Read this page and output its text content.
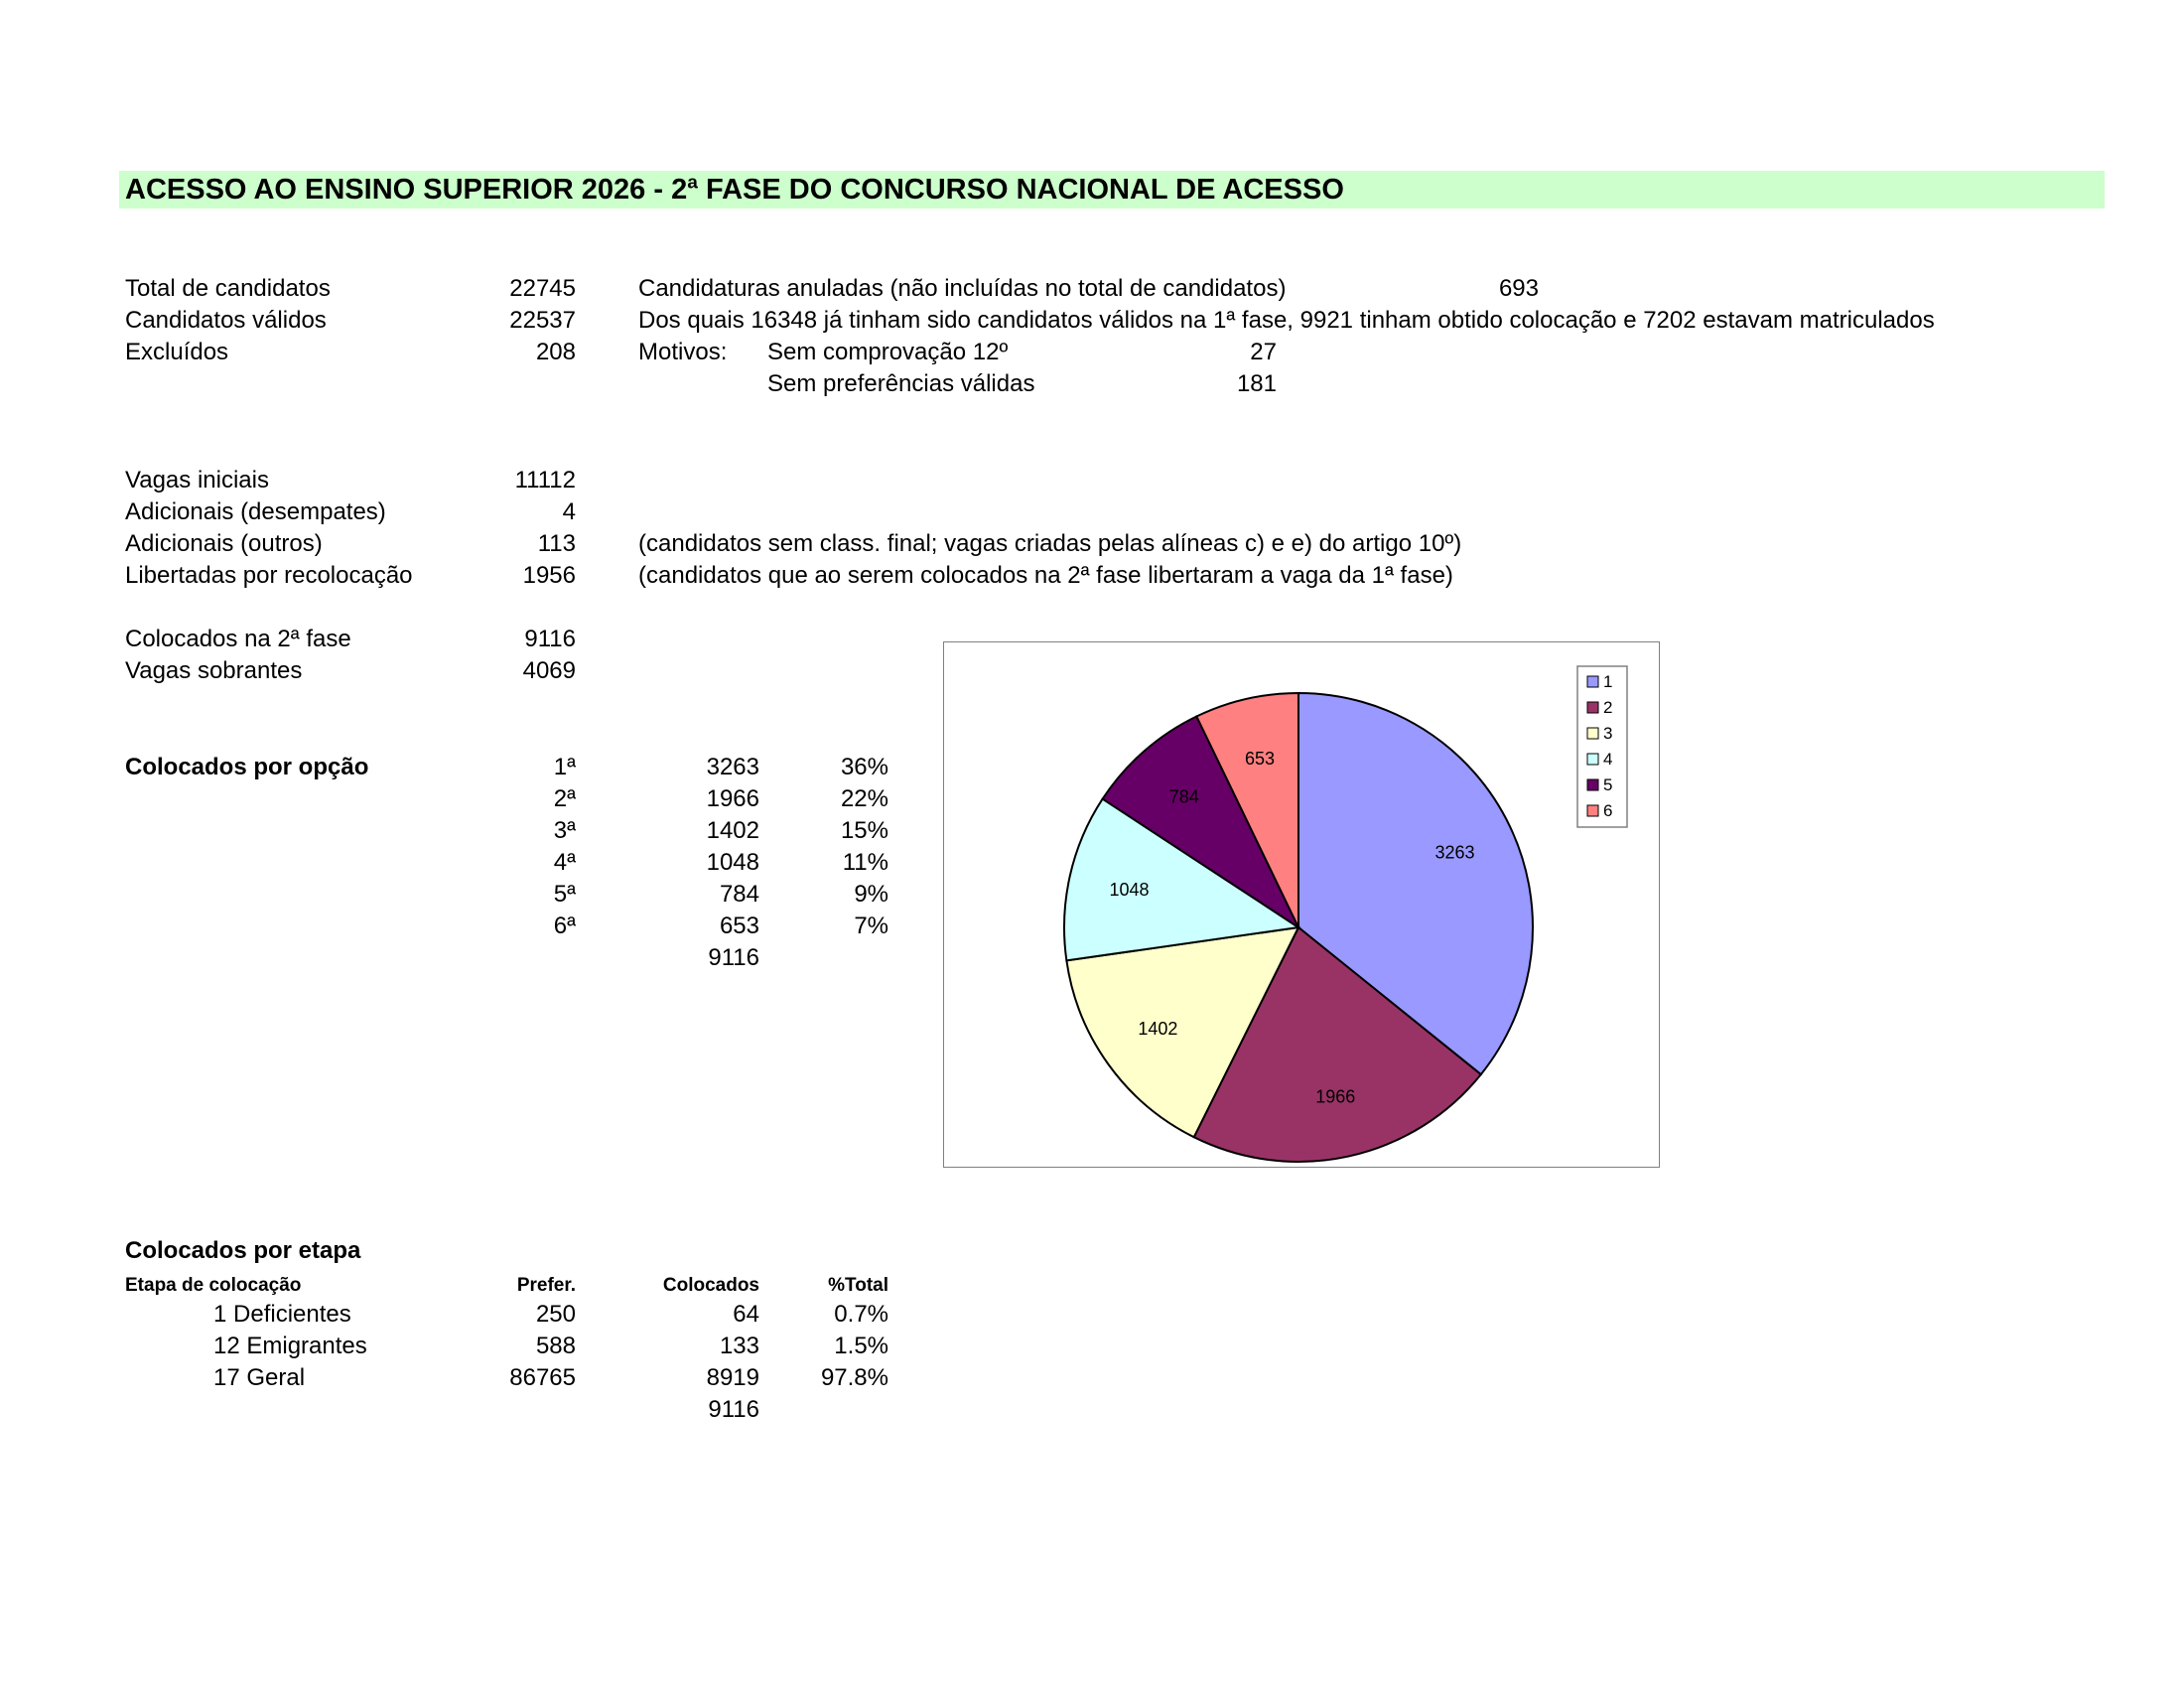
ACESSO AO ENSINO SUPERIOR 2026 - 2ª FASE DO CONCURSO NACIONAL DE ACESSO
Total de candidatos	22745
Candidatos válidos	22537
Excluídos	208
Candidaturas anuladas (não incluídas no total de candidatos)	693
Dos quais 16348 já tinham sido candidatos válidos na 1ª fase, 9921 tinham obtido colocação e 7202 estavam matriculados
Motivos: Sem comprovação 12º	27
Sem preferências válidas	181
Vagas iniciais	11112
Adicionais (desempates)	4
Adicionais (outros)	113	(candidatos sem class. final; vagas criadas pelas alíneas c) e e) do artigo 10º)
Libertadas por recolocação	1956	(candidatos que ao serem colocados na 2ª fase libertaram a vaga da 1ª fase)
Colocados na 2ª fase	9116
Vagas sobrantes	4069
Colocados por opção	1ª	3263	36%
2ª	1966	22%
3ª	1402	15%
4ª	1048	11%
5ª	784	9%
6ª	653	7%
9116
3263
1966
1402
1048
784
653
1
2
3
4
5
6
Colocados por etapa
Etapa de colocação	Prefer.	Colocados	%Total
1 Deficientes	250	64	0.7%
12 Emigrantes	588	133	1.5%
17 Geral	86765	8919	97.8%
9116
